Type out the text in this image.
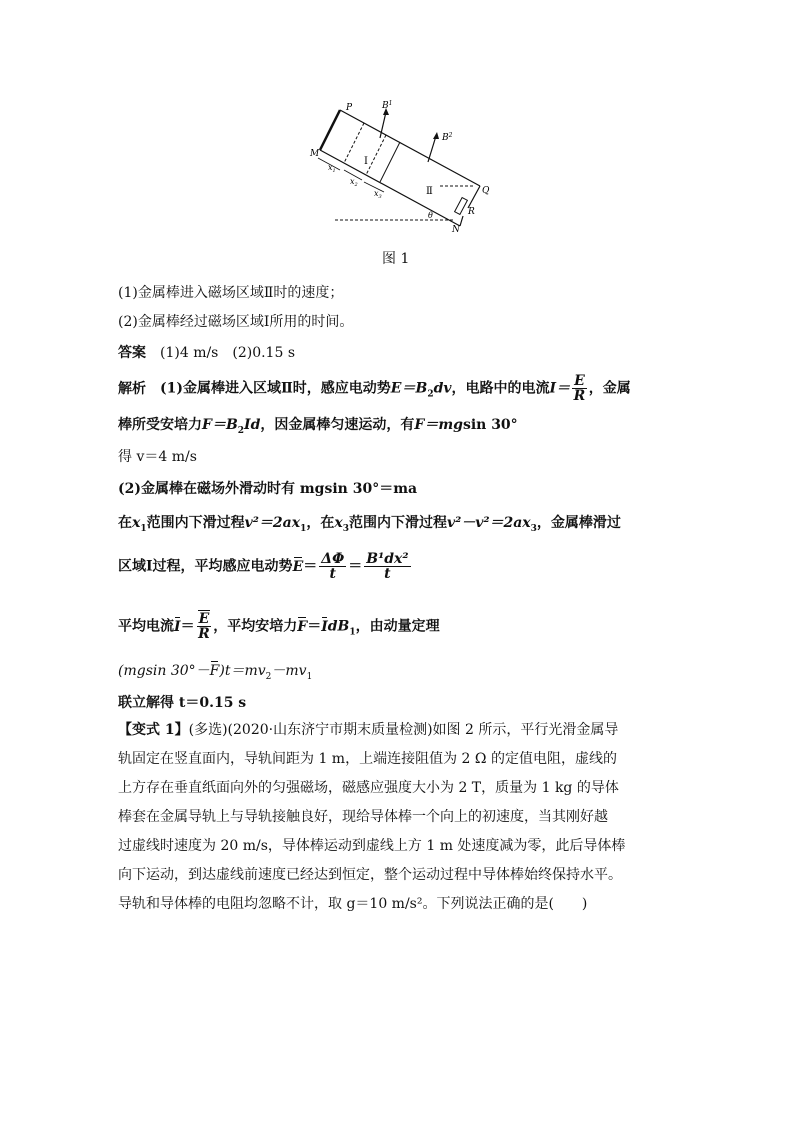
P	$B^1$
$B^2$
M
N
Q
R
Ⅰ
Ⅱ
$x_1$
$x_2$
$x_3$
θ
图 1
(1)金属棒进入磁场区域Ⅱ时的速度；
(2)金属棒经过磁场区域Ⅰ所用的时间。
答案 (1)4 m/s　(2)0.15 s
解析 (1)金属棒进入区域Ⅱ时，感应电动势$E=B_2dv$，电路中的电流$I= \frac{E}{R}$ ，金属
棒所受安培力$F=B_2Id$，因金属棒匀速运动，有F＝mgsin 30°
得 v＝4 m/s
(2)金属棒在磁场外滑动时有 mgsin 30°＝ma
在$x_1$范围内下滑过程$v^2=2ax_1$，在$x_3$范围内下滑过程$v^2-v^2=2ax_3$，金属棒滑过
区域Ⅰ过程，平均感应电动势$E= \frac{\Delta\Phi}{t} = \frac{\text{B¹dx²}}{t}$
平均电流$I= \frac{E}{R}$ ，平均安培力F＝IdB$_1$，由动量定理
(mgsin $30^\circ-F)t=mv_2-mv_1$
联立解得 t＝0.15 s
【变式 1】(多选)(2020·山东济宁市期末质量检测)如图 2 所示，平行光滑金属导
轨固定在竖直面内，导轨间距为 1 m，上端连接阻值为 2 Ω 的定值电阻，虚线的
上方存在垂直纸面向外的匀强磁场，磁感应强度大小为 2 T，质量为 1 kg 的导体
棒套在金属导轨上与导轨接触良好，现给导体棒一个向上的初速度，当其刚好越
过虚线时速度为 20 m/s，导体棒运动到虚线上方 1 m 处速度减为零，此后导体棒
向下运动，到达虚线前速度已经达到恒定，整个运动过程中导体棒始终保持水平。
导轨和导体棒的电阻均忽略不计，取 g＝10 m/s²。下列说法正确的是(　　)
